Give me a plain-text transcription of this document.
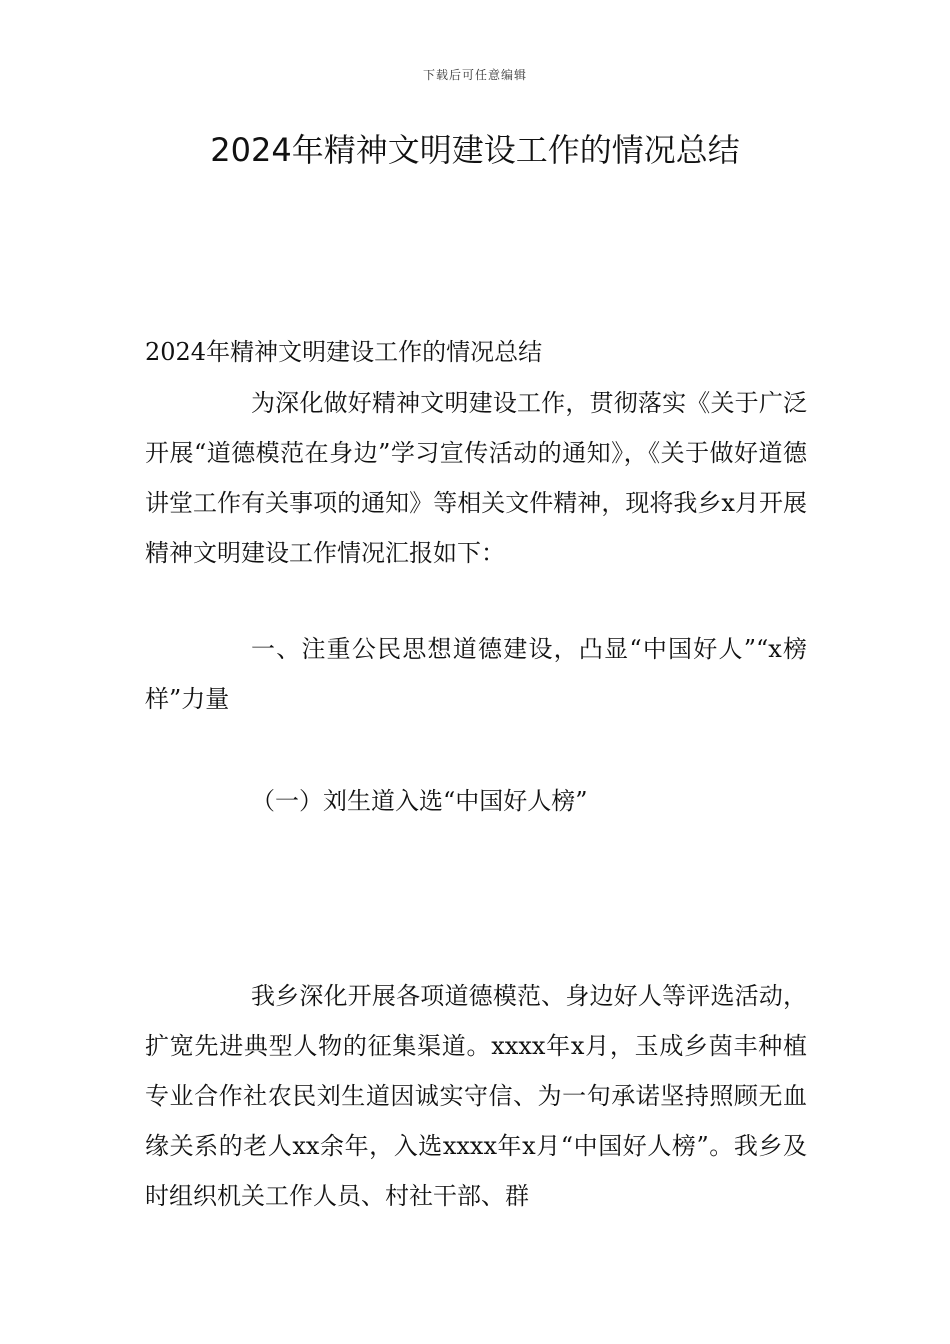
下载后可任意编辑
2024年精神文明建设工作的情况总结

2024年精神文明建设工作的情况总结

为深化做好精神文明建设工作，贯彻落实《关于广泛开展“道德模范在身边”学习宣传活动的通知》，《关于做好道德讲堂工作有关事项的通知》等相关文件精神，现将我乡x月开展精神文明建设工作情况汇报如下：

一、注重公民思想道德建设，凸显“中国好人”“x榜样”力量

（一）刘生道入选“中国好人榜”

我乡深化开展各项道德模范、身边好人等评选活动，扩宽先进典型人物的征集渠道。xxxx年x月，玉成乡茵丰种植专业合作社农民刘生道因诚实守信、为一句承诺坚持照顾无血缘关系的老人xx余年，入选xxxx年x月“中国好人榜”。我乡及时组织机关工作人员、村社干部、群
